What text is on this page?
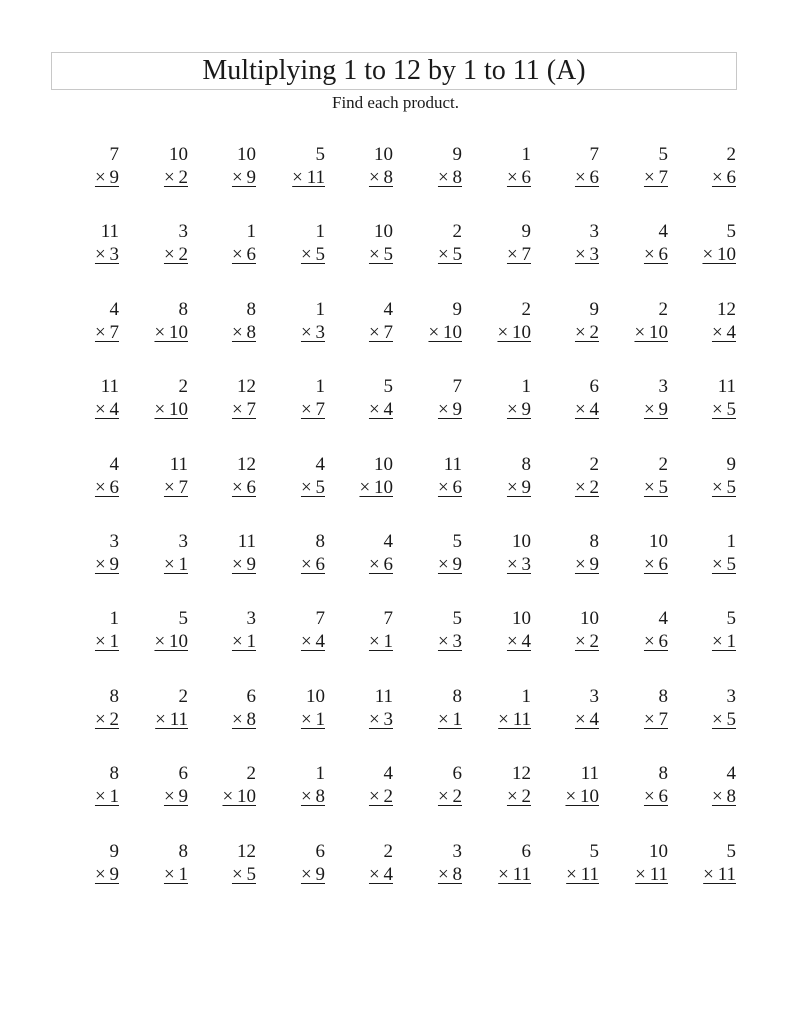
Multiplying 1 to 12 by 1 to 11 (A)
Find each product.
7
× 9
10
× 2
10
× 9
5
× 11
10
× 8
9
× 8
1
× 6
7
× 6
5
× 7
2
× 6
11
× 3
3
× 2
1
× 6
1
× 5
10
× 5
2
× 5
9
× 7
3
× 3
4
× 6
5
× 10
4
× 7
8
× 10
8
× 8
1
× 3
4
× 7
9
× 10
2
× 10
9
× 2
2
× 10
12
× 4
11
× 4
2
× 10
12
× 7
1
× 7
5
× 4
7
× 9
1
× 9
6
× 4
3
× 9
11
× 5
4
× 6
11
× 7
12
× 6
4
× 5
10
× 10
11
× 6
8
× 9
2
× 2
2
× 5
9
× 5
3
× 9
3
× 1
11
× 9
8
× 6
4
× 6
5
× 9
10
× 3
8
× 9
10
× 6
1
× 5
1
× 1
5
× 10
3
× 1
7
× 4
7
× 1
5
× 3
10
× 4
10
× 2
4
× 6
5
× 1
8
× 2
2
× 11
6
× 8
10
× 1
11
× 3
8
× 1
1
× 11
3
× 4
8
× 7
3
× 5
8
× 1
6
× 9
2
× 10
1
× 8
4
× 2
6
× 2
12
× 2
11
× 10
8
× 6
4
× 8
9
× 9
8
× 1
12
× 5
6
× 9
2
× 4
3
× 8
6
× 11
5
× 11
10
× 11
5
× 11
